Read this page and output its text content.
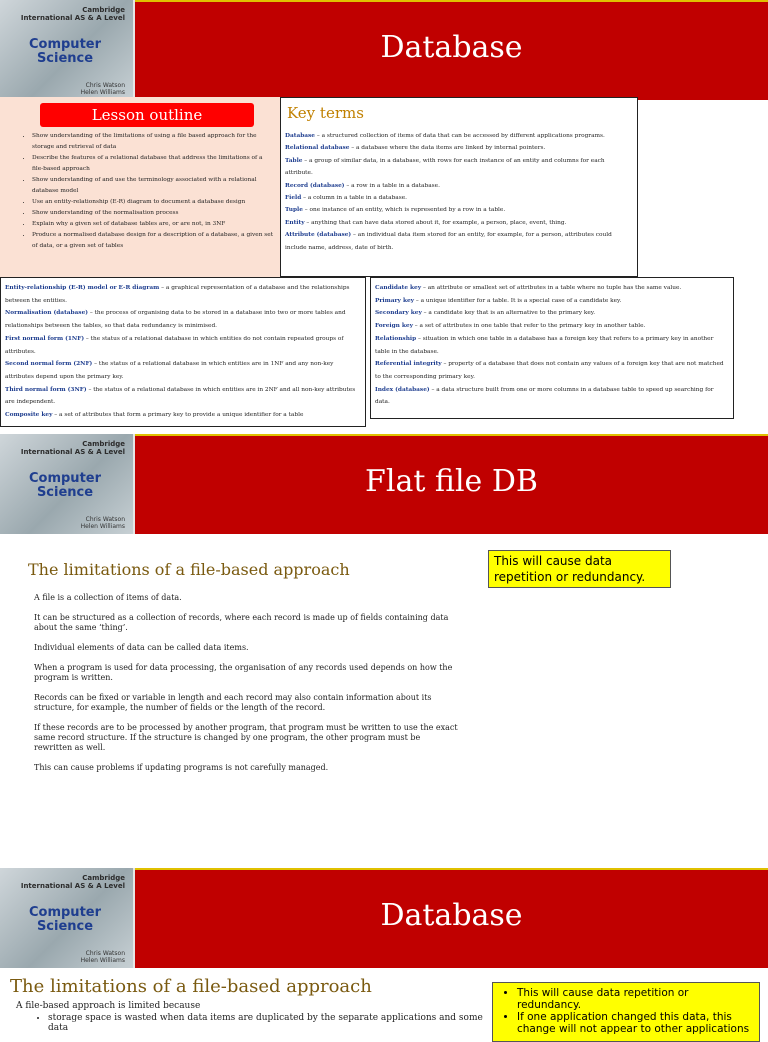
Cambridge
International AS & A Level
Computer
Science
Chris Watson
Helen Williams
Database
Lesson outline
• Show understanding of the limitations of using a file based approach for the storage and retrieval of data
• Describe the features of a relational database that address the limitations of a file-based approach
• Show understanding of and use the terminology associated with a relational database model
• Use an entity-relationship (E-R) diagram to document a database design
• Show understanding of the normalisation process
• Explain why a given set of database tables are, or are not, in 3NF
• Produce a normalised database design for a description of a database, a given set of data, or a given set of tables
Key terms
Database – a structured collection of items of data that can be accessed by different applications programs.
Relational database – a database where the data items are linked by internal pointers.
Table – a group of similar data, in a database, with rows for each instance of an entity and columns for each attribute.
Record (database) – a row in a table in a database.
Field – a column in a table in a database.
Tuple – one instance of an entity, which is represented by a row in a table.
Entity – anything that can have data stored about it, for example, a person, place, event, thing.
Attribute (database) – an individual data item stored for an entity, for example, for a person, attributes could include name, address, date of birth.
Entity-relationship (E-R) model or E-R diagram – a graphical representation of a database and the relationships between the entities.
Normalisation (database) – the process of organising data to be stored in a database into two or more tables and relationships between the tables, so that data redundancy is minimised.
First normal form (1NF) – the status of a relational database in which entities do not contain repeated groups of attributes.
Second normal form (2NF) – the status of a relational database in which entities are in 1NF and any non-key attributes depend upon the primary key.
Third normal form (3NF) – the status of a relational database in which entities are in 2NF and all non-key attributes are independent.
Composite key – a set of attributes that form a primary key to provide a unique identifier for a table
Candidate key – an attribute or smallest set of attributes in a table where no tuple has the same value.
Primary key – a unique identifier for a table. It is a special case of a candidate key.
Secondary key – a candidate key that is an alternative to the primary key.
Foreign key – a set of attributes in one table that refer to the primary key in another table.
Relationship – situation in which one table in a database has a foreign key that refers to a primary key in another table in the database.
Referential integrity – property of a database that does not contain any values of a foreign key that are not matched to the corresponding primary key.
Index (database) – a data structure built from one or more columns in a database table to speed up searching for data.
Cambridge
International AS & A Level
Computer
Science
Chris Watson
Helen Williams
Flat file DB
The limitations of a file-based approach

A file is a collection of items of data.

It can be structured as a collection of records, where each record is made up of fields containing data about the same ‘thing’.

Individual elements of data can be called data items.

When a program is used for data processing, the organisation of any records used depends on how the program is written.

Records can be fixed or variable in length and each record may also contain information about its structure, for example, the number of fields or the length of the record.

If these records are to be processed by another program, that program must be written to use the exact same record structure. If the structure is changed by one program, the other program must be rewritten as well.

This can cause problems if updating programs is not carefully managed.

This will cause data repetition or redundancy.
Cambridge
International AS & A Level
Computer
Science
Chris Watson
Helen Williams
Database
The limitations of a file-based approach
A file-based approach is limited because
• storage space is wasted when data items are duplicated by the separate applications and some data
• This will cause data repetition or redundancy.
• If one application changed this data, this change will not appear to other applications
